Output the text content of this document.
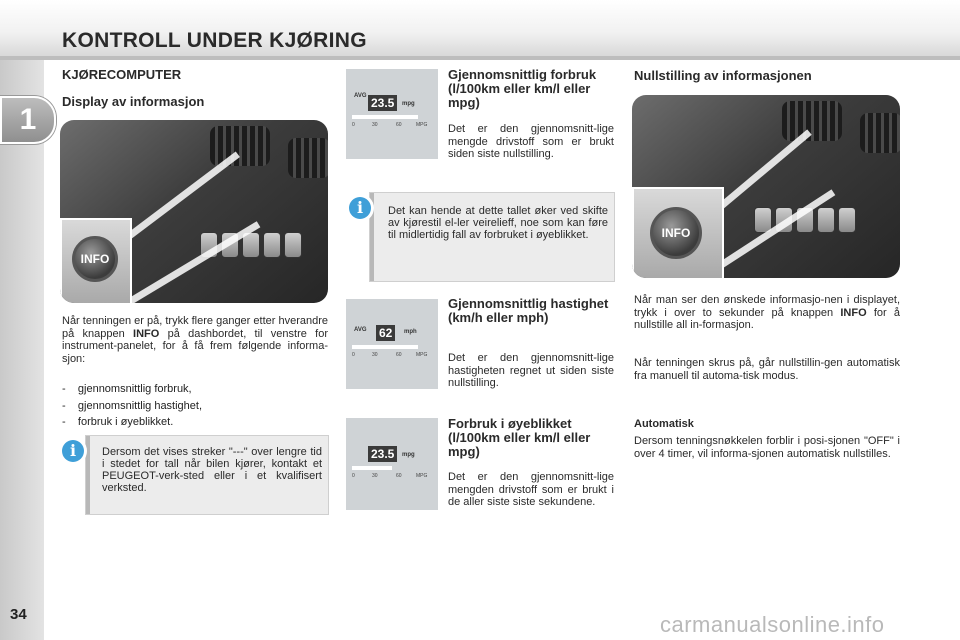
KONTROLL UNDER KJØRING
1
34	carmanualsonline.info
KJØRECOMPUTER
Display av informasjon
INFO

Når tenningen er på, trykk flere ganger etter hverandre på knappen INFO på dashbordet, til venstre for instrument-panelet, for å få frem følgende informa-sjon:

-    gjennomsnittlig forbruk,
-    gjennomsnittlig hastighet,
-    forbruk i øyeblikket.
Dersom det vises streker "---" over lengre tid i stedet for tall når bilen kjører, kontakt et PEUGEOT-verk-sted eller i et kvalifisert verksted.
i
AVG 23.5	mpg
0	30	60	MPG
Gjennomsnittlig forbruk (l/100km eller km/l eller mpg)

Det er den gjennomsnitt-lige mengde drivstoff som er brukt siden siste nullstilling.

Det kan hende at dette tallet øker ved skifte av kjørestil el-ler veirelieff, noe som kan føre til midlertidig fall av forbruket i øyeblikket.
i
AVG 62	mph
0	30	60	MPG
Gjennomsnittlig hastighet (km/h eller mph)

Det er den gjennomsnitt-lige hastigheten regnet ut siden siste nullstilling.

23.5	mpg
0	30	60	MPG
Forbruk i øyeblikket (l/100km eller km/l eller mpg)

Det er den gjennomsnitt-lige mengden drivstoff som er brukt i de aller siste siste sekundene.

Nullstilling av informasjonen
INFO

Når man ser den ønskede informasjo-nen i displayet, trykk i over to sekunder på knappen INFO for å nullstille all in-formasjon.

Når tenningen skrus på, går nullstillin-gen automatisk fra manuell til automa-tisk modus.

Automatisk

Dersom tenningsnøkkelen forblir i posi-sjonen "OFF" i over 4 timer, vil informa-sjonen automatisk nullstilles.
